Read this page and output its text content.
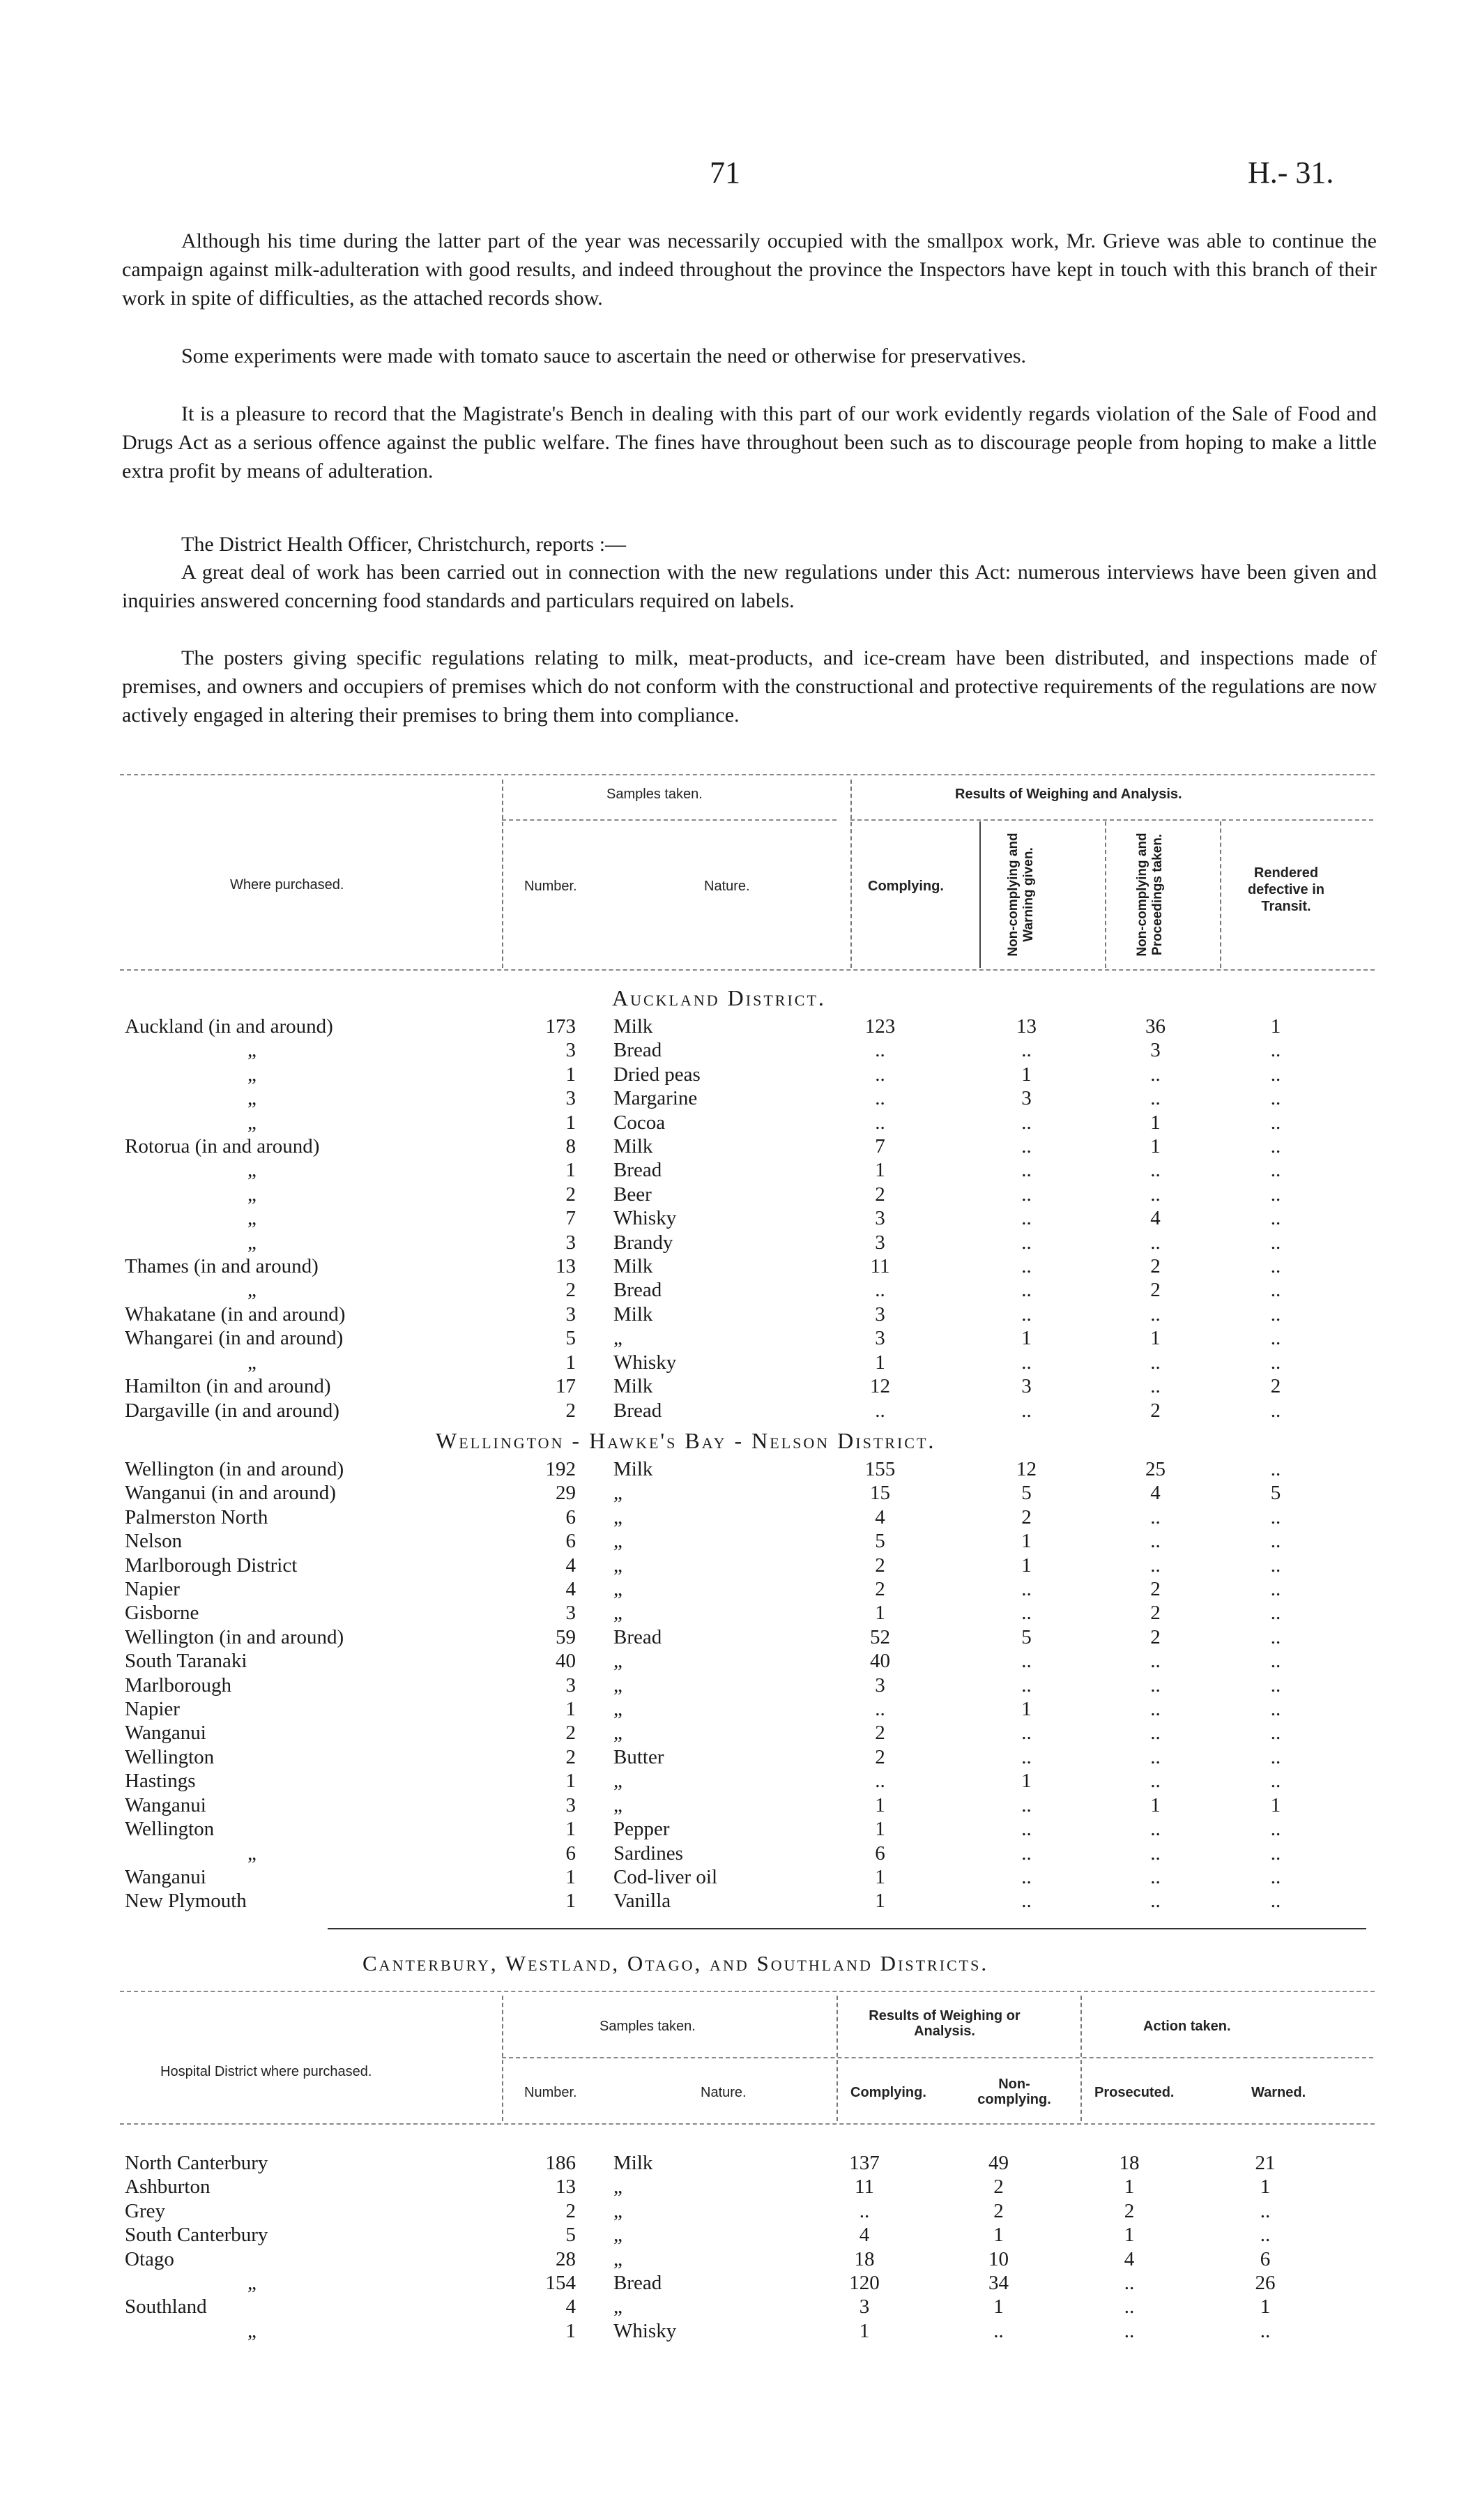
71	H.- 31.

Although his time during the latter part of the year was necessarily occupied with the smallpox work, Mr. Grieve was able to continue the campaign against milk-adulteration with good results, and indeed throughout the province the Inspectors have kept in touch with this branch of their work in spite of difficulties, as the attached records show.

Some experiments were made with tomato sauce to ascertain the need or otherwise for preservatives.

It is a pleasure to record that the Magistrate's Bench in dealing with this part of our work evidently regards violation of the Sale of Food and Drugs Act as a serious offence against the public welfare. The fines have throughout been such as to discourage people from hoping to make a little extra profit by means of adulteration.

The District Health Officer, Christchurch, reports :—

A great deal of work has been carried out in connection with the new regulations under this Act: numerous interviews have been given and inquiries answered concerning food standards and particulars required on labels.

The posters giving specific regulations relating to milk, meat-products, and ice-cream have been distributed, and inspections made of premises, and owners and occupiers of premises which do not conform with the constructional and protective requirements of the regulations are now actively engaged in altering their premises to bring them into compliance.

Where purchased.
Samples taken.	Results of Weighing and Analysis.
Number.	Nature.	Complying.	Non-complying and Warning given.	Non-complying and Proceedings taken.	Rendered defective in Transit.
Auckland District.
Auckland (in and around)	173	Milk	123	13	36	1
„	3	Bread	..	..	3	..
„	1	Dried peas	..	1	..	..
„	3	Margarine	..	3	..	..
„	1	Cocoa	..	..	1	..
Rotorua (in and around)	8	Milk	7	..	1	..
„	1	Bread	1	..	..	..
„	2	Beer	2	..	..	..
„	7	Whisky	3	..	4	..
„	3	Brandy	3	..	..	..
Thames (in and around)	13	Milk	11	..	2	..
„	2	Bread	..	..	2	..
Whakatane (in and around)	3	Milk	3	..	..	..
Whangarei (in and around)	5	„	3	1	1	..
„	1	Whisky	1	..	..	..
Hamilton (in and around)	17	Milk	12	3	..	2
Dargaville (in and around)	2	Bread	..	..	2	..
Wellington - Hawke's Bay - Nelson District.
Wellington (in and around)	192	Milk	155	12	25	..
Wanganui (in and around)	29	„	15	5	4	5
Palmerston North	6	„	4	2	..	..
Nelson	6	„	5	1	..	..
Marlborough District	4	„	2	1	..	..
Napier	4	„	2	..	2	..
Gisborne	3	„	1	..	2	..
Wellington (in and around)	59	Bread	52	5	2	..
South Taranaki	40	„	40	..	..	..
Marlborough	3	„	3	..	..	..
Napier	1	„	..	1	..	..
Wanganui	2	„	2	..	..	..
Wellington	2	Butter	2	..	..	..
Hastings	1	„	..	1	..	..
Wanganui	3	„	1	..	1	1
Wellington	1	Pepper	1	..	..	..
„	6	Sardines	6	..	..	..
Wanganui	1	Cod-liver oil	1	..	..	..
New Plymouth	1	Vanilla	1	..	..	..
Canterbury, Westland, Otago, and Southland Districts.
Hospital District where purchased.
Samples taken.
Results of Weighing or Analysis.	Action taken.
Number.	Nature.	Complying.
Non-complying.	Prosecuted.	Warned.
North Canterbury	186	Milk	137	49	18	21
Ashburton	13	„	11	2	1	1
Grey	2	„	..	2	2	..
South Canterbury	5	„	4	1	1	..
Otago	28	„	18	10	4	6
„	154	Bread	120	34	..	26
Southland	4	„	3	1	..	1
„	1	Whisky	1	..	..	..
